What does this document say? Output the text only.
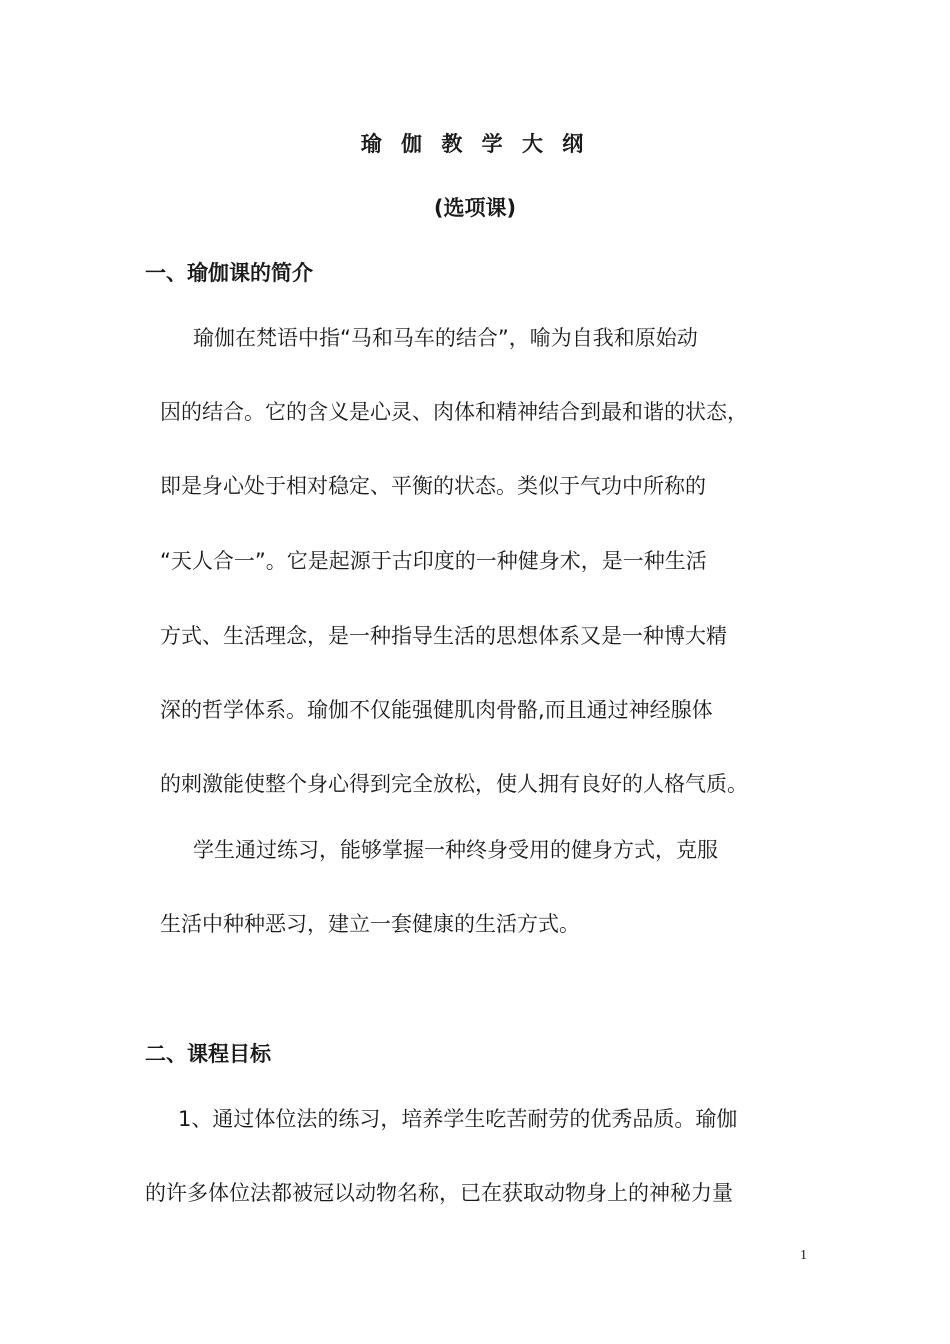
瑜 伽 教 学 大 纲
(选项课)
一、瑜伽课的简介
瑜伽在梵语中指“马和马车的结合”，喻为自我和原始动
因的结合。它的含义是心灵、肉体和精神结合到最和谐的状态，
即是身心处于相对稳定、平衡的状态。类似于气功中所称的
“天人合一”。它是起源于古印度的一种健身术，是一种生活
方式、生活理念，是一种指导生活的思想体系又是一种博大精
深的哲学体系。瑜伽不仅能强健肌肉骨骼,而且通过神经腺体
的刺激能使整个身心得到完全放松，使人拥有良好的人格气质。
学生通过练习，能够掌握一种终身受用的健身方式，克服
生活中种种恶习，建立一套健康的生活方式。
二、课程目标
1、通过体位法的练习，培养学生吃苦耐劳的优秀品质。瑜伽
的许多体位法都被冠以动物名称，已在获取动物身上的神秘力量
1
